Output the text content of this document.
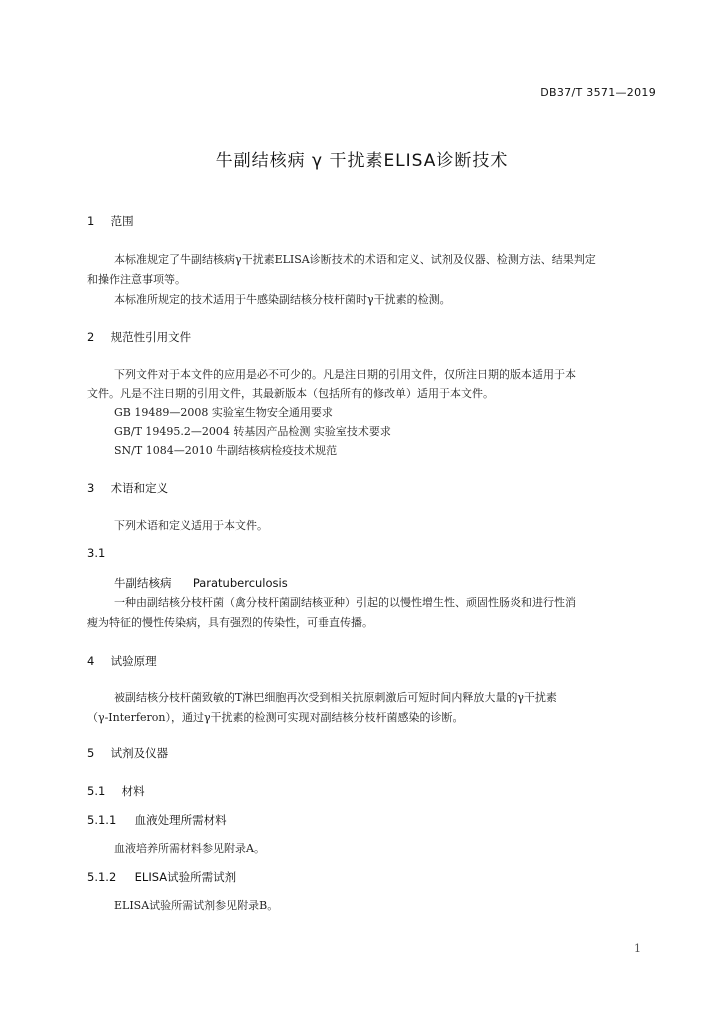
DB37/T 3571—2019
牛副结核病 γ 干扰素ELISA诊断技术
1 范围
本标准规定了牛副结核病γ干扰素ELISA诊断技术的术语和定义、试剂及仪器、检测方法、结果判定
和操作注意事项等。
本标准所规定的技术适用于牛感染副结核分枝杆菌时γ干扰素的检测。
2 规范性引用文件
下列文件对于本文件的应用是必不可少的。凡是注日期的引用文件，仅所注日期的版本适用于本
文件。凡是不注日期的引用文件，其最新版本（包括所有的修改单）适用于本文件。
GB 19489—2008 实验室生物安全通用要求
GB/T 19495.2—2004 转基因产品检测 实验室技术要求
SN/T 1084—2010 牛副结核病检疫技术规范
3 术语和定义
下列术语和定义适用于本文件。
3.1
牛副结核病 Paratuberculosis
一种由副结核分枝杆菌（禽分枝杆菌副结核亚种）引起的以慢性增生性、顽固性肠炎和进行性消
瘦为特征的慢性传染病，具有强烈的传染性，可垂直传播。
4 试验原理
被副结核分枝杆菌致敏的T淋巴细胞再次受到相关抗原刺激后可短时间内释放大量的γ干扰素
（γ-Interferon），通过γ干扰素的检测可实现对副结核分枝杆菌感染的诊断。
5 试剂及仪器
5.1 材料
5.1.1 血液处理所需材料
血液培养所需材料参见附录A。
5.1.2 ELISA试验所需试剂
ELISA试验所需试剂参见附录B。
1
